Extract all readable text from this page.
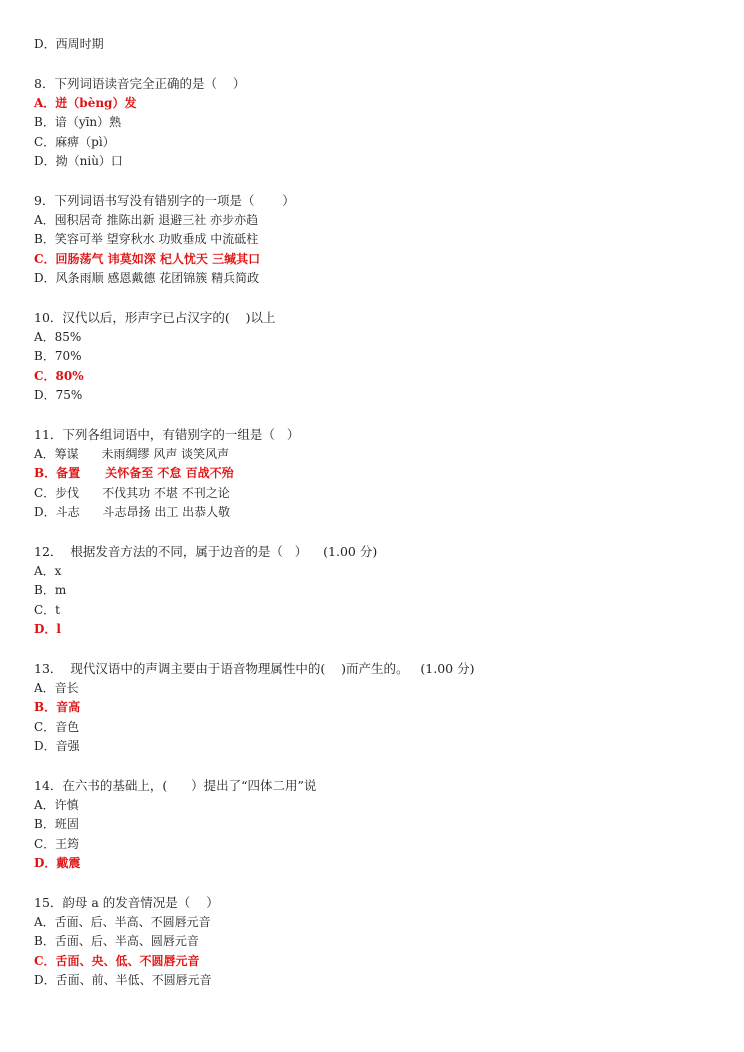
D．西周时期
8．下列词语读音完全正确的是（    ）
A．迸（bèng）发
B．谙（yīn）熟
C．麻痹（pì）
D．拗（niù）口
9．下列词语书写没有错别字的一项是（       ）
A．囤积居奇 推陈出新 退避三社 亦步亦趋
B．笑容可举 望穿秋水 功败垂成 中流砥柱
C．回肠荡气 讳莫如深 杞人忧天 三缄其口
D．风条雨顺 感恩戴德 花团锦簇 精兵简政
10．汉代以后，形声字已占汉字的(    )以上
A．85%
B．70%
C．80%
D．75%
11．下列各组词语中，有错别字的一组是（   ）
A．筹谋      未雨绸缪 风声 谈笑风声
B．备置      关怀备至 不怠 百战不殆
C．步伐      不伐其功 不堪 不刊之论
D．斗志      斗志昂扬 出工 出恭人敬
12．  根据发音方法的不同，属于边音的是（   ）    (1.00 分)
A．x
B．m
C．t
D．l
13．  现代汉语中的声调主要由于语音物理属性中的(    )而产生的。   (1.00 分)
A．音长
B．音高
C．音色
D．音强
14．在六书的基础上，(      ）提出了“四体二用”说
A．许慎
B．班固
C．王筠
D．戴震
15．韵母 a 的发音情况是（    ）
A．舌面、后、半高、不圆唇元音
B．舌面、后、半高、圆唇元音
C．舌面、央、低、不圆唇元音
D．舌面、前、半低、不圆唇元音
